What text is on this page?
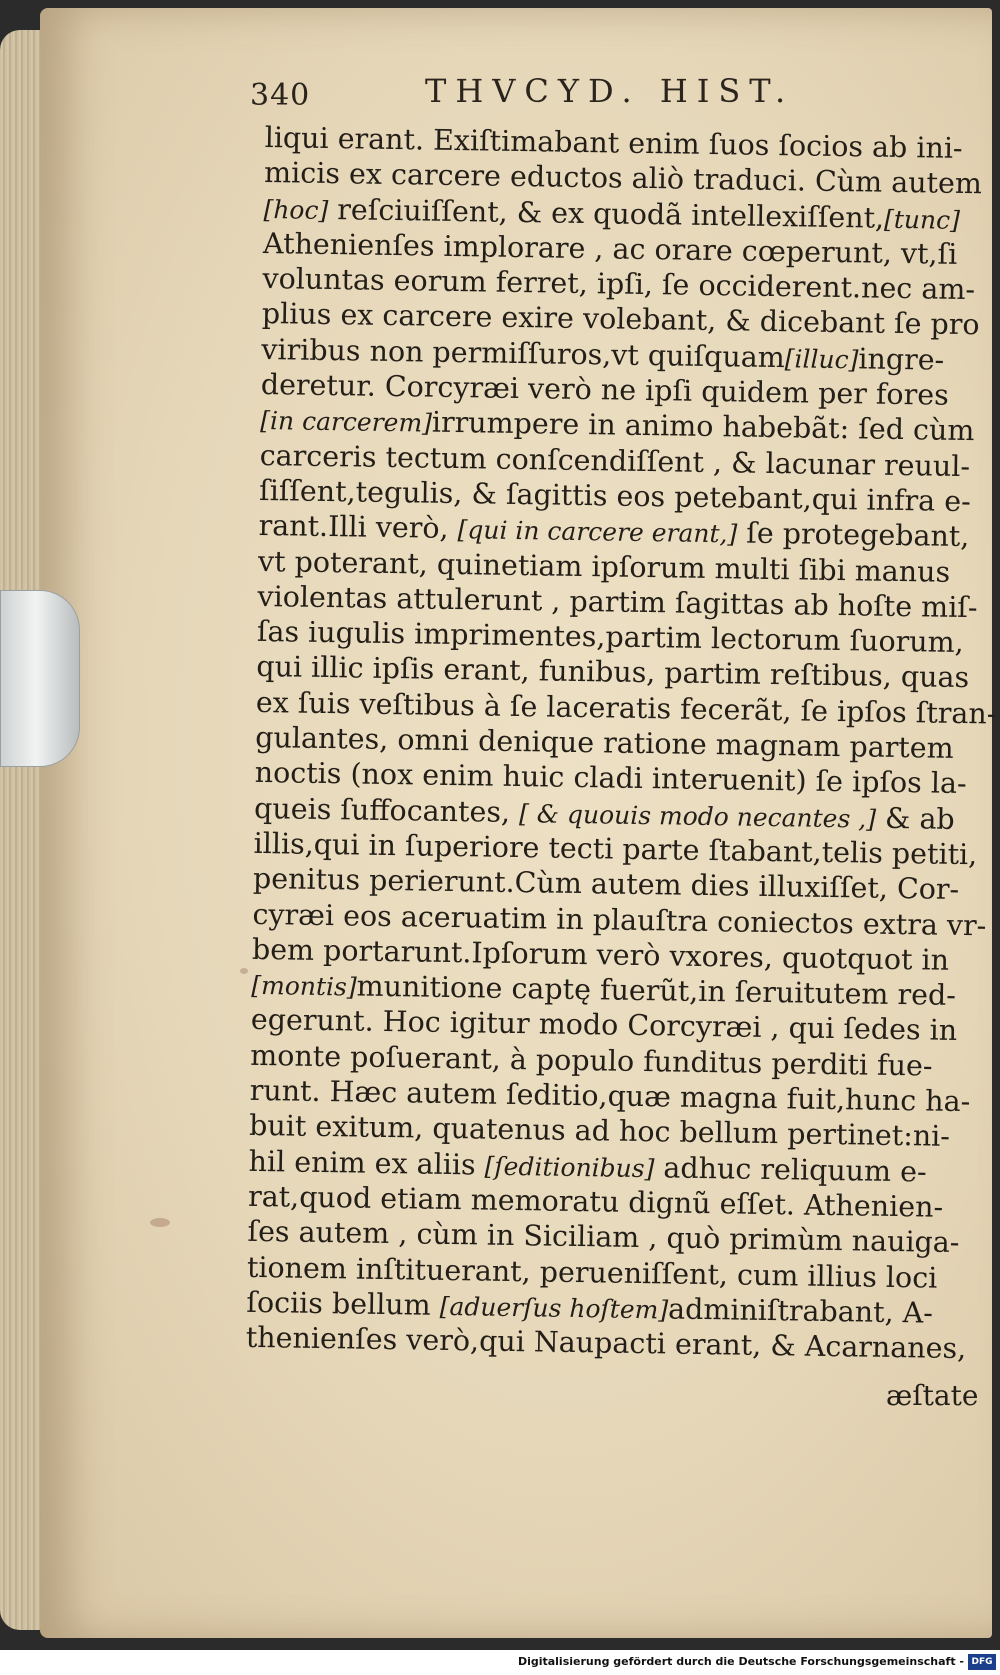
340	THVCYD. HIST.
liqui erant. Exiſtimabant enim ſuos ſocios ab ini-
micis ex carcere eductos aliò traduci. Cùm autem
[hoc] reſciuiſſent, & ex quodã intellexiſſent,[tunc]
Athenienſes implorare , ac orare cœperunt, vt,ſi
voluntas eorum ferret, ipſi, ſe occiderent.nec am-
plius ex carcere exire volebant, & dicebant ſe pro
viribus non permiſſuros,vt quiſquam[illuc]ingre-
deretur. Corcyræi verò ne ipſi quidem per fores
[in carcerem]irrumpere in animo habebãt: ſed cùm
carceris tectum conſcendiſſent , & lacunar reuul-
ſiſſent,tegulis, & ſagittis eos petebant,qui infra e-
rant.Illi verò, [qui in carcere erant,] ſe protegebant,
vt poterant, quinetiam ipſorum multi ſibi manus
violentas attulerunt , partim ſagittas ab hoſte miſ-
ſas iugulis imprimentes,partim lectorum ſuorum,
qui illic ipſis erant, funibus, partim reſtibus, quas
ex ſuis veſtibus à ſe laceratis fecerãt, ſe ipſos ſtran-
gulantes, omni denique ratione magnam partem
noctis (nox enim huic cladi interuenit) ſe ipſos la-
queis ſuffocantes, [ & quouis modo necantes ,] & ab
illis,qui in ſuperiore tecti parte ſtabant,telis petiti,
penitus perierunt.Cùm autem dies illuxiſſet, Cor-
cyræi eos aceruatim in plauſtra coniectos extra vr-
bem portarunt.Ipſorum verò vxores, quotquot in
[montis]munitione captę fuerũt,in ſeruitutem red-
egerunt. Hoc igitur modo Corcyræi , qui ſedes in
monte poſuerant, à populo funditus perditi fue-
runt. Hæc autem ſeditio,quæ magna fuit,hunc ha-
buit exitum, quatenus ad hoc bellum pertinet:ni-
hil enim ex aliis [ſeditionibus] adhuc reliquum e-
rat,quod etiam memoratu dignũ eſſet. Athenien-
ſes autem , cùm in Siciliam , quò primùm nauiga-
tionem inſtituerant, perueniſſent, cum illius loci
ſociis bellum [aduerſus hoſtem]adminiſtrabant, A-
thenienſes verò,qui Naupacti erant, & Acarnanes,
æſtate
Digitalisierung gefördert durch die Deutsche Forschungsgemeinschaft - DFG
